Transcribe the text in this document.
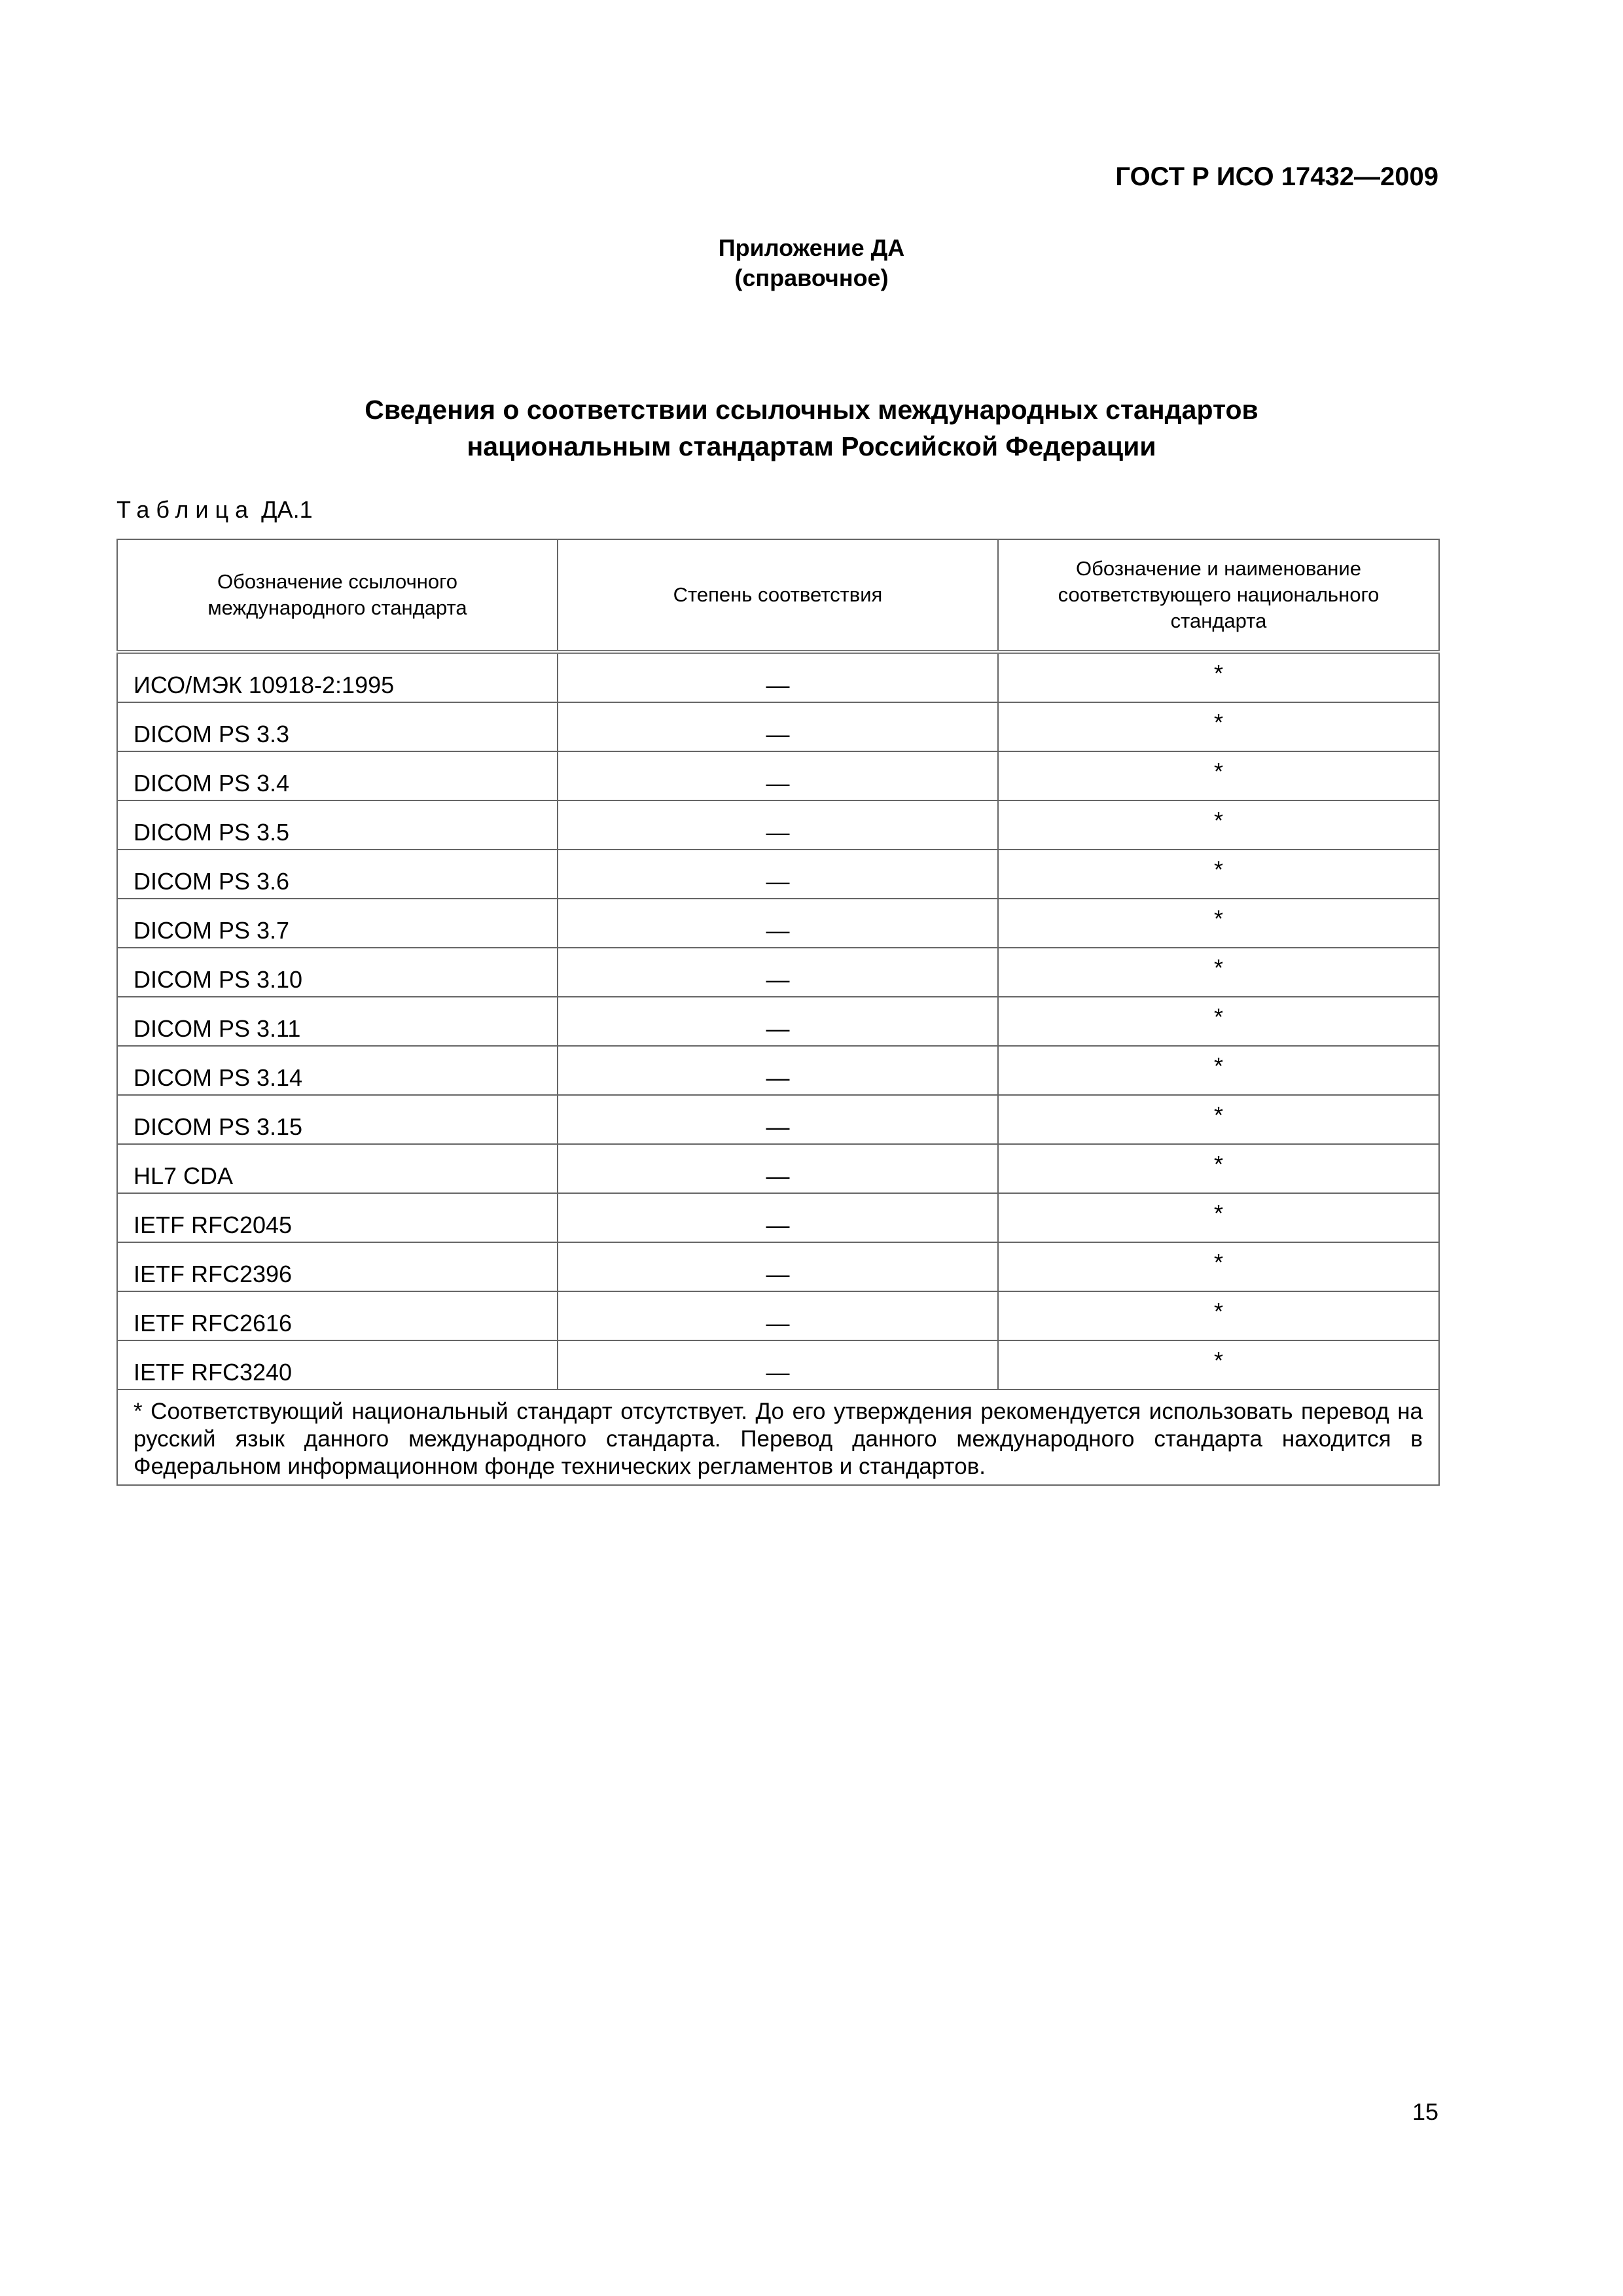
ГОСТ Р ИСО 17432—2009
Приложение ДА
(справочное)
Сведения о соответствии ссылочных международных стандартов
национальным стандартам Российской Федерации
Таблица ДА.1
Обозначение ссылочного международного стандарта	Степень соответствия	Обозначение и наименование соответствующего национального стандарта
ИСО/МЭК 10918-2:1995	—	*
DICOM PS 3.3	—	*
DICOM PS 3.4	—	*
DICOM PS 3.5	—	*
DICOM PS 3.6	—	*
DICOM PS 3.7	—	*
DICOM PS 3.10	—	*
DICOM PS 3.11	—	*
DICOM PS 3.14	—	*
DICOM PS 3.15	—	*
HL7 CDA	—	*
IETF RFC2045	—	*
IETF RFC2396	—	*
IETF RFC2616	—	*
IETF RFC3240	—	*
* Соответствующий национальный стандарт отсутствует. До его утверждения рекомендуется использовать перевод на русский язык данного международного стандарта. Перевод данного международного стандарта находится в Федеральном информационном фонде технических регламентов и стандартов.		
15
